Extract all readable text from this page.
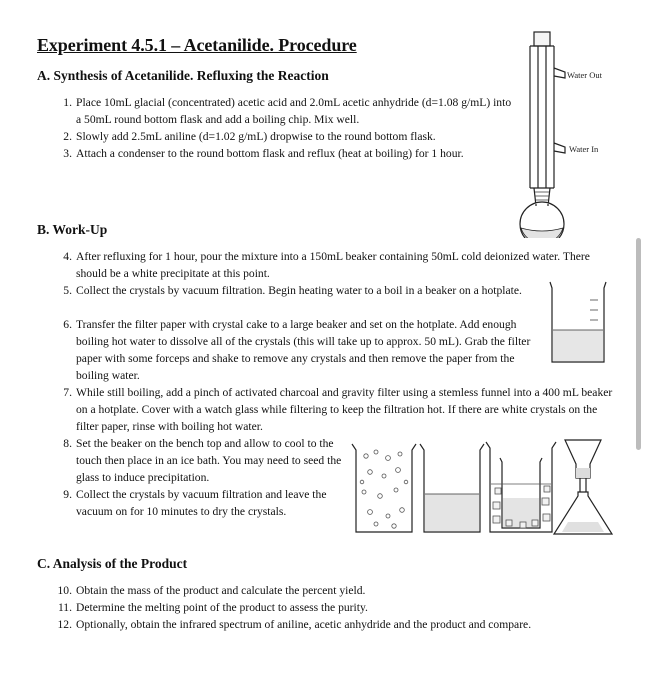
Experiment 4.5.1 – Acetanilide. Procedure
A. Synthesis of Acetanilide. Refluxing the Reaction
1. Place 10mL glacial (concentrated) acetic acid and 2.0mL acetic anhydride (d=1.08 g/mL) into a 50mL round bottom flask and add a boiling chip. Mix well.
2. Slowly add 2.5mL aniline (d=1.02 g/mL) dropwise to the round bottom flask.
3. Attach a condenser to the round bottom flask and reflux (heat at boiling) for 1 hour.
B. Work-Up
4. After refluxing for 1 hour, pour the mixture into a 150mL beaker containing 50mL cold deionized water. There should be a white precipitate at this point.
5. Collect the crystals by vacuum filtration. Begin heating water to a boil in a beaker on a hotplate.
6. Transfer the filter paper with crystal cake to a large beaker and set on the hotplate. Add enough boiling hot water to dissolve all of the crystals (this will take up to approx. 50 mL). Grab the filter paper with some forceps and shake to remove any crystals and then remove the paper from the boiling water.
7. While still boiling, add a pinch of activated charcoal and gravity filter using a stemless funnel into a 400 mL beaker on a hotplate. Cover with a watch glass while filtering to keep the filtration hot. If there are white crystals on the filter paper, rinse with boiling hot water.
8. Set the beaker on the bench top and allow to cool to the touch then place in an ice bath. You may need to seed the glass to induce precipitation.
9. Collect the crystals by vacuum filtration and leave the vacuum on for 10 minutes to dry the crystals.
C. Analysis of the Product
10. Obtain the mass of the product and calculate the percent yield.
11. Determine the melting point of the product to assess the purity.
12. Optionally, obtain the infrared spectrum of aniline, acetic anhydride and the product and compare.
Water Out
Water In
